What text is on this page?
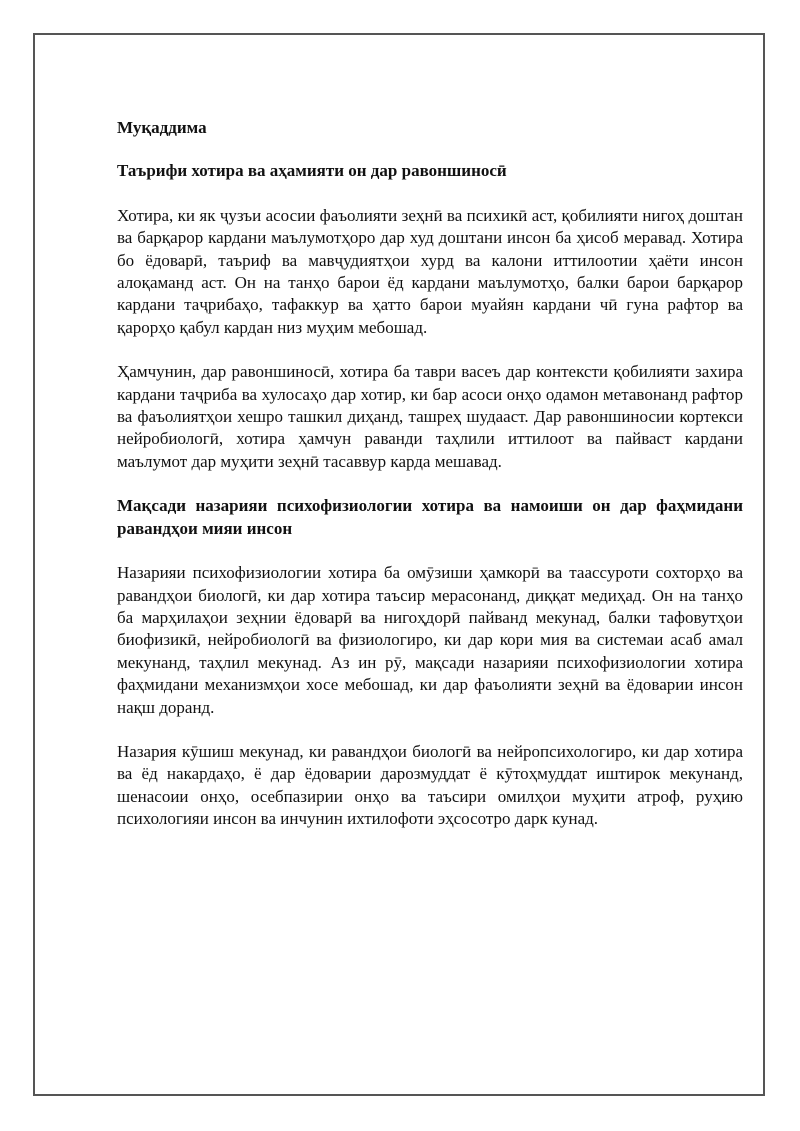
Муқаддима

Таърифи хотира ва аҳамияти он дар равоншиносӣ

Хотира, ки як ҷузъи асосии фаъолияти зеҳнӣ ва психикӣ аст, қобилияти нигоҳ доштан ва барқарор кардани маълумотҳоро дар худ доштани инсон ба ҳисоб меравад. Хотира бо ёдоварӣ, таъриф ва мавҷудиятҳои хурд ва калони иттилоотии ҳаёти инсон алоқаманд аст. Он на танҳо барои ёд кардани маълумотҳо, балки барои барқарор кардани таҷрибаҳо, тафаккур ва ҳатто барои муайян кардани чӣ гуна рафтор ва қарорҳо қабул кардан низ муҳим мебошад.

Ҳамчунин, дар равоншиносӣ, хотира ба таври васеъ дар контексти қобилияти захира кардани таҷриба ва хулосаҳо дар хотир, ки бар асоси онҳо одамон метавонанд рафтор ва фаъолиятҳои хешро ташкил диҳанд, ташреҳ шудааст. Дар равоншиносии кортекси нейробиологӣ, хотира ҳамчун раванди таҳлили иттилоот ва пайваст кардани маълумот дар муҳити зеҳнӣ тасаввур карда мешавад.

Мақсади назарияи психофизиологии хотира ва намоиши он дар фаҳмидани равандҳои мияи инсон

Назарияи психофизиологии хотира ба омӯзиши ҳамкорӣ ва таассуроти сохторҳо ва равандҳои биологӣ, ки дар хотира таъсир мерасонанд, диққат медиҳад. Он на танҳо ба марҳилаҳои зеҳнии ёдоварӣ ва нигоҳдорӣ пайванд мекунад, балки тафовутҳои биофизикӣ, нейробиологӣ ва физиологиро, ки дар кори мия ва системаи асаб амал мекунанд, таҳлил мекунад. Аз ин рӯ, мақсади назарияи психофизиологии хотира фаҳмидани механизмҳои хосе мебошад, ки дар фаъолияти зеҳнӣ ва ёдоварии инсон нақш доранд.

Назария кӯшиш мекунад, ки равандҳои биологӣ ва нейропсихологиро, ки дар хотира ва ёд накардаҳо, ё дар ёдоварии дарозмуддат ё кӯтоҳмуддат иштирок мекунанд, шенасоии онҳо, осебпазирии онҳо ва таъсири омилҳои муҳити атроф, руҳию психологияи инсон ва инчунин ихтилофоти эҳсосотро дарк кунад.
